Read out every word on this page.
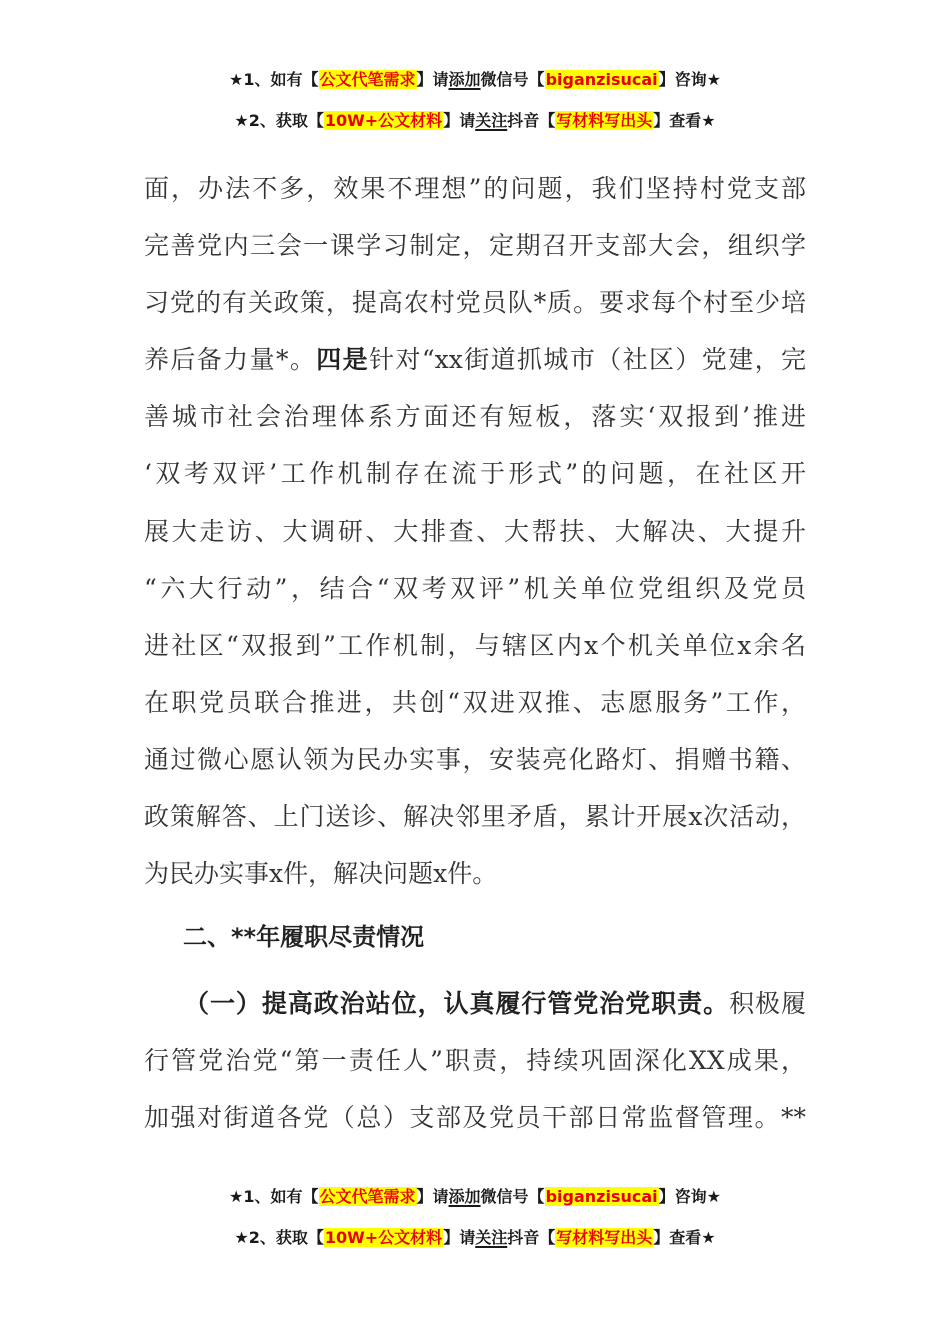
★1、如有【公文代笔需求】请添加微信号【biganzisucai】咨询★
★2、获取【10W+公文材料】请关注抖音【写材料写出头】查看★
面，办法不多，效果不理想”的问题，我们坚持村党支部
完善党内三会一课学习制定，定期召开支部大会，组织学
习党的有关政策，提高农村党员队*质。要求每个村至少培
养后备力量*。四是针对“xx街道抓城市（社区）党建，完
善城市社会治理体系方面还有短板，落实‘双报到’推进
‘双考双评’工作机制存在流于形式”的问题，在社区开
展大走访、大调研、大排查、大帮扶、大解决、大提升
“六大行动”，结合“双考双评”机关单位党组织及党员
进社区“双报到”工作机制，与辖区内x个机关单位x余名
在职党员联合推进，共创“双进双推、志愿服务”工作，
通过微心愿认领为民办实事，安装亮化路灯、捐赠书籍、
政策解答、上门送诊、解决邻里矛盾，累计开展x次活动，
为民办实事x件，解决问题x件。
二、**年履职尽责情况
（一）提高政治站位，认真履行管党治党职责。积极履
行管党治党“第一责任人”职责，持续巩固深化XX成果，
加强对街道各党（总）支部及党员干部日常监督管理。**
★1、如有【公文代笔需求】请添加微信号【biganzisucai】咨询★
★2、获取【10W+公文材料】请关注抖音【写材料写出头】查看★
